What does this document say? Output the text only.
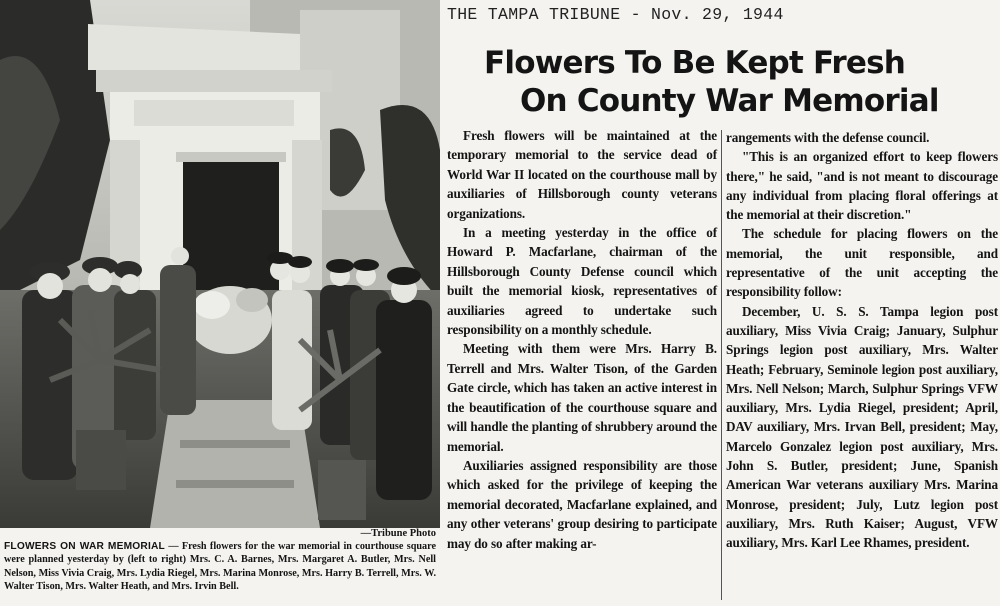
—Tribune Photo
FLOWERS ON WAR MEMORIAL — Fresh flowers for the war memorial in courthouse square were planned yesterday by (left to right) Mrs. C. A. Barnes, Mrs. Margaret A. Butler, Mrs. Nell Nelson, Miss Vivia Craig, Mrs. Lydia Riegel, Mrs. Marina Monrose, Mrs. Harry B. Terrell, Mrs. W. Walter Tison, Mrs. Walter Heath, and Mrs. Irvin Bell.
THE TAMPA TRIBUNE - Nov. 29, 1944
Flowers To Be Kept Fresh
On County War Memorial

Fresh flowers will be maintained at the temporary memorial to the service dead of World War II located on the courthouse mall by auxiliaries of Hillsborough county veterans organizations.

In a meeting yesterday in the office of Howard P. Macfarlane, chairman of the Hillsborough County Defense council which built the memorial kiosk, representatives of auxiliaries agreed to undertake such responsibility on a monthly schedule.

Meeting with them were Mrs. Harry B. Terrell and Mrs. Walter Tison, of the Garden Gate circle, which has taken an active interest in the beautification of the courthouse square and will handle the planting of shrubbery around the memorial.

Auxiliaries assigned responsibility are those which asked for the privilege of keeping the memorial decorated, Macfarlane explained, and any other veterans' group desiring to participate may do so after making ar-

rangements with the defense council.

"This is an organized effort to keep flowers there," he said, "and is not meant to discourage any individual from placing floral offerings at the memorial at their discretion."

The schedule for placing flowers on the memorial, the unit responsible, and representative of the unit accepting the responsibility follow:

December, U. S. S. Tampa legion post auxiliary, Miss Vivia Craig; January, Sulphur Springs legion post auxiliary, Mrs. Walter Heath; February, Seminole legion post auxiliary, Mrs. Nell Nelson; March, Sulphur Springs VFW auxiliary, Mrs. Lydia Riegel, president; April, DAV auxiliary, Mrs. Irvan Bell, president; May, Marcelo Gonzalez legion post auxiliary, Mrs. John S. Butler, president; June, Spanish American War veterans auxiliary Mrs. Marina Monrose, president; July, Lutz legion post auxiliary, Mrs. Ruth Kaiser; August, VFW auxiliary, Mrs. Karl Lee Rhames, president.
